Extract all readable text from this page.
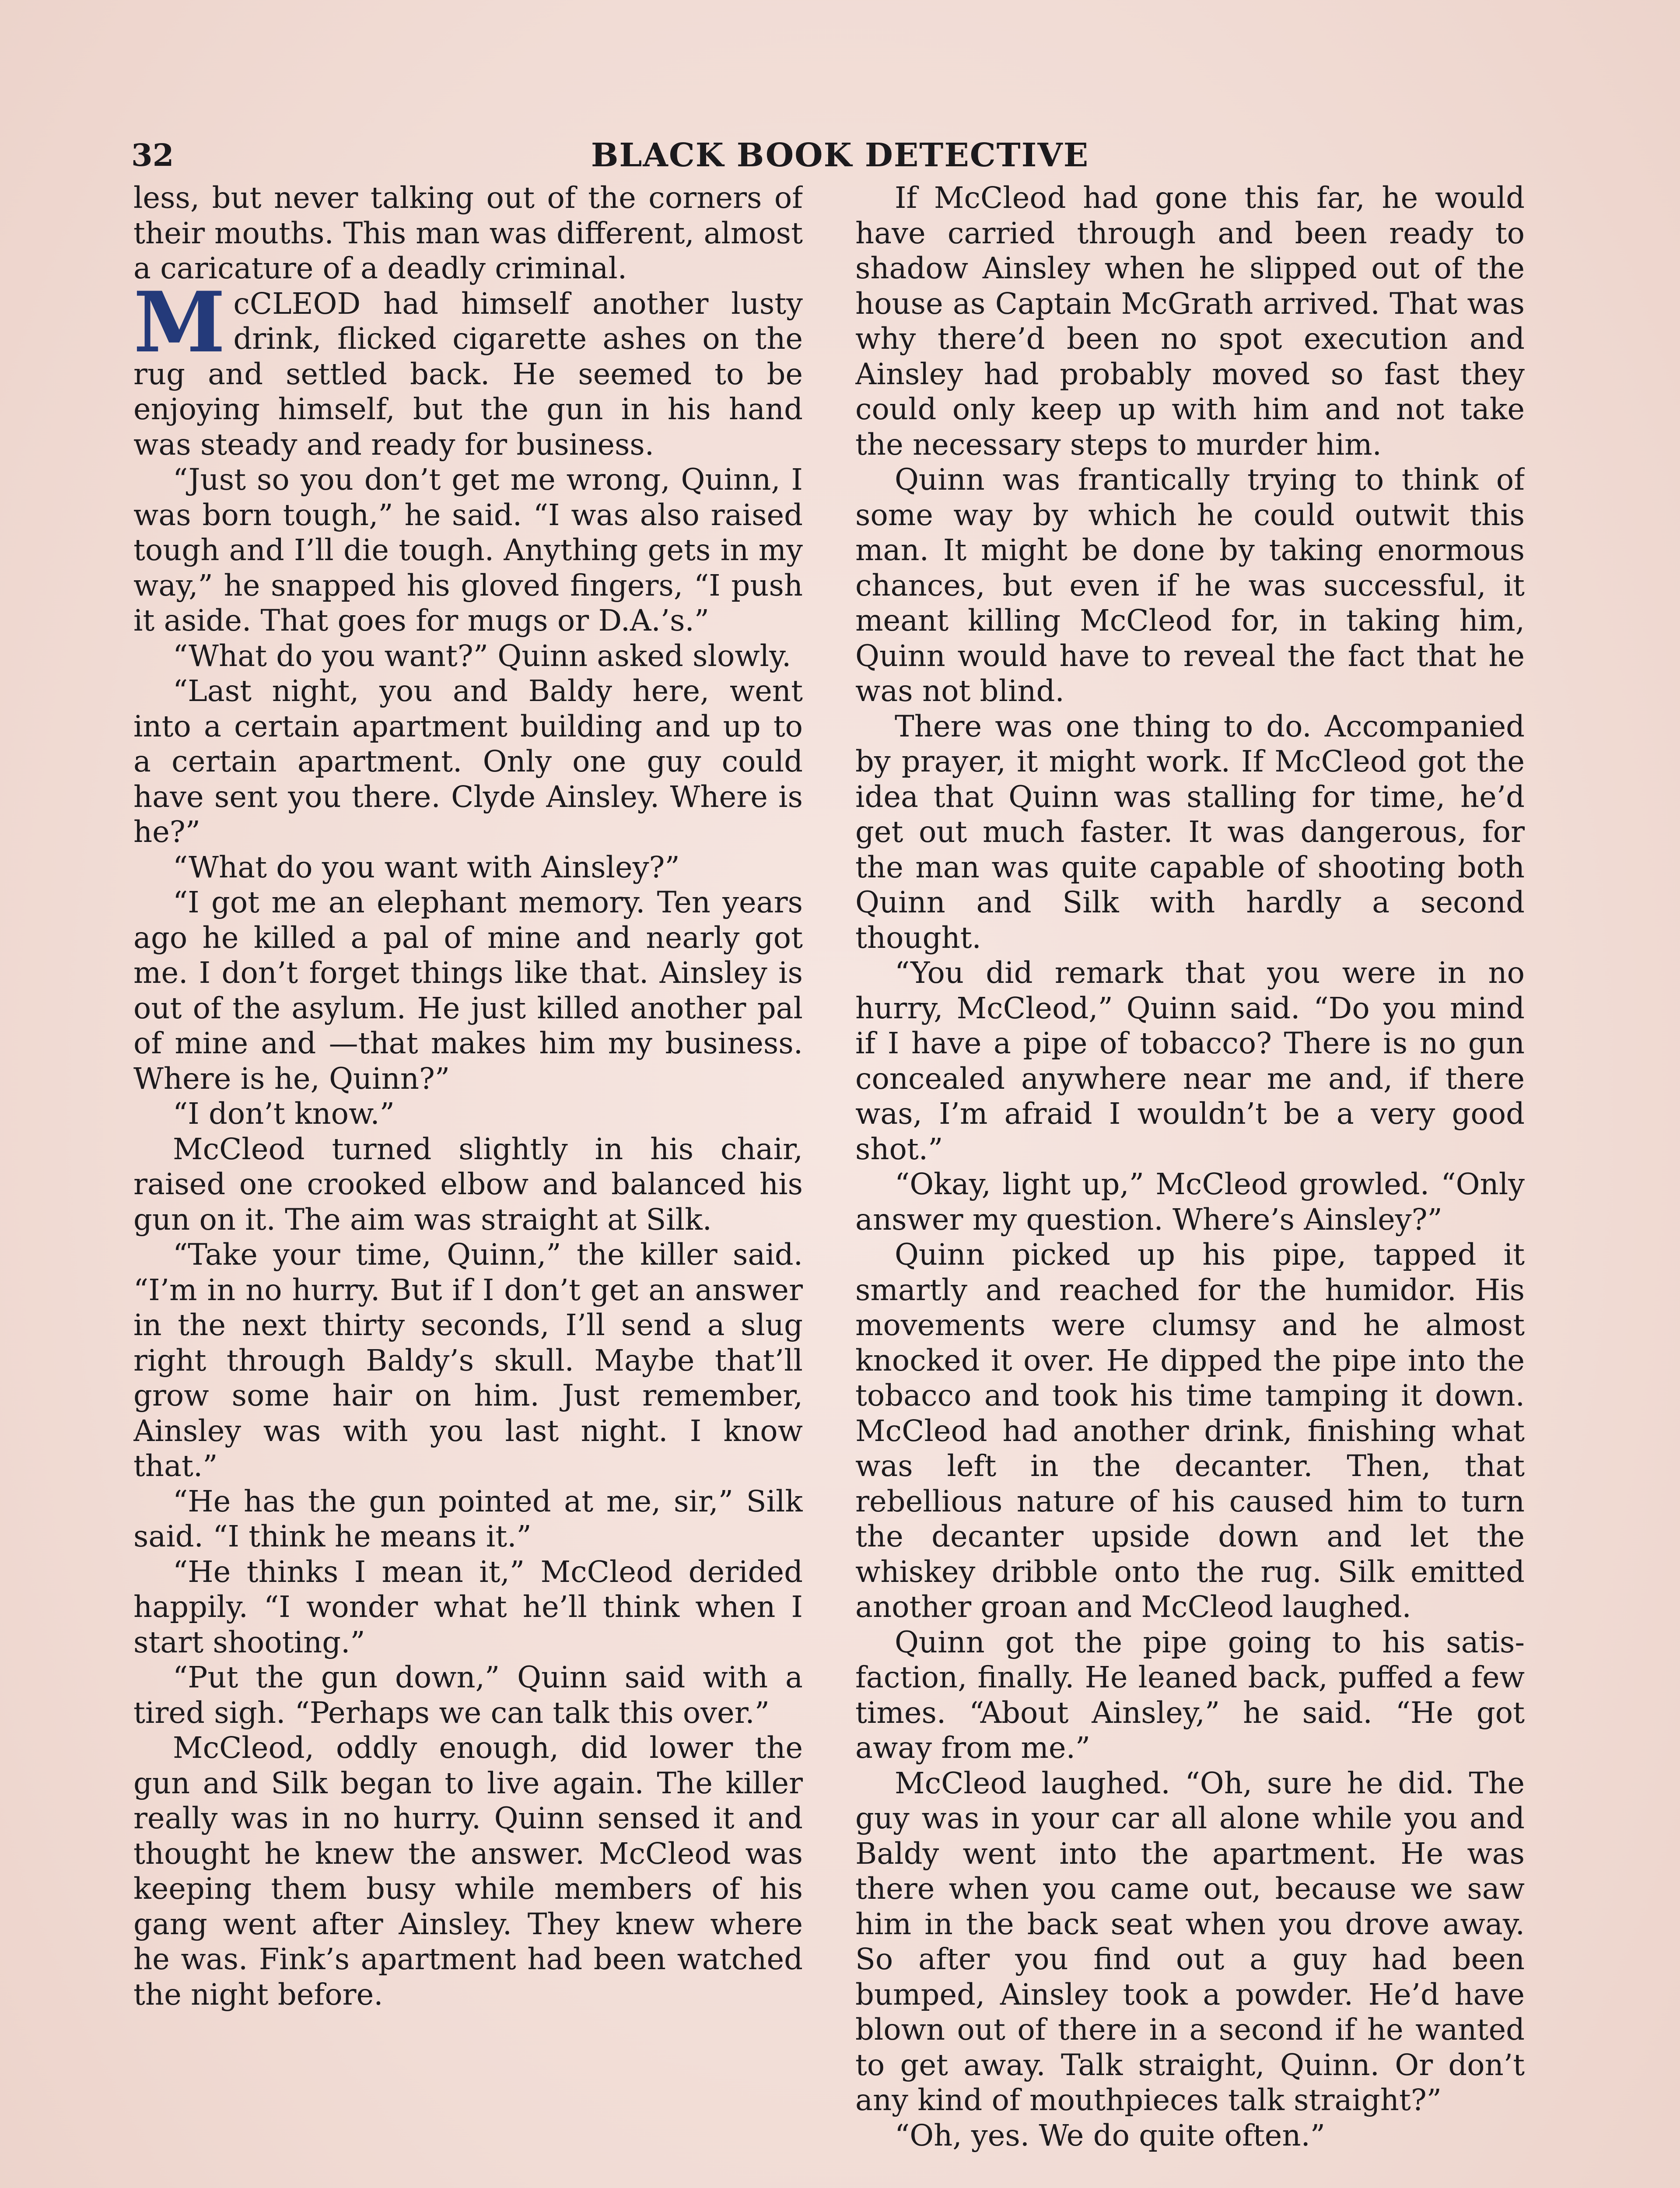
32	BLACK BOOK DETECTIVE

less, but never talking out of the corners of their mouths. This man was different, almost a caricature of a deadly criminal.

M cCLEOD had himself another lusty drink, flicked cigarette ashes on the rug and settled back. He seemed to be enjoying himself, but the gun in his hand was steady and ready for business.

“Just so you don’t get me wrong, Quinn, I was born tough,” he said. “I was also raised tough and I’ll die tough. Anything gets in my way,” he snapped his gloved fingers, “I push it aside. That goes for mugs or D.A.’s.”

“What do you want?” Quinn asked slowly.

“Last night, you and Baldy here, went into a certain apartment building and up to a certain apartment. Only one guy could have sent you there. Clyde Ainsley. Where is he?”

“What do you want with Ainsley?”

“I got me an elephant memory. Ten years ago he killed a pal of mine and nearly got me. I don’t forget things like that. Ainsley is out of the asylum. He just killed another pal of mine and —that makes him my business. Where is he, Quinn?”

“I don’t know.”

McCleod turned slightly in his chair, raised one crooked elbow and balanced his gun on it. The aim was straight at Silk.

“Take your time, Quinn,” the killer said. “I’m in no hurry. But if I don’t get an answer in the next thirty seconds, I’ll send a slug right through Baldy’s skull. Maybe that’ll grow some hair on him. Just remember, Ainsley was with you last night. I know that.”

“He has the gun pointed at me, sir,” Silk said. “I think he means it.”

“He thinks I mean it,” McCleod derided happily. “I wonder what he’ll think when I start shooting.”

“Put the gun down,” Quinn said with a tired sigh. “Perhaps we can talk this over.”

McCleod, oddly enough, did lower the gun and Silk began to live again. The killer really was in no hurry. Quinn sensed it and thought he knew the answer. McCleod was keeping them busy while members of his gang went after Ainsley. They knew where he was. Fink’s apartment had been watched the night before.

If McCleod had gone this far, he would have carried through and been ready to shadow Ainsley when he slipped out of the house as Captain McGrath arrived. That was why there’d been no spot execution and Ainsley had probably moved so fast they could only keep up with him and not take the necessary steps to murder him.

Quinn was frantically trying to think of some way by which he could outwit this man. It might be done by taking enormous chances, but even if he was successful, it meant killing McCleod for, in taking him, Quinn would have to reveal the fact that he was not blind.

There was one thing to do. Accompanied by prayer, it might work. If McCleod got the idea that Quinn was stalling for time, he’d get out much faster. It was dangerous, for the man was quite capable of shooting both Quinn and Silk with hardly a second thought.

“You did remark that you were in no hurry, McCleod,” Quinn said. “Do you mind if I have a pipe of tobacco? There is no gun concealed anywhere near me and, if there was, I’m afraid I wouldn’t be a very good shot.”

“Okay, light up,” McCleod growled. “Only answer my question. Where’s Ainsley?”

Quinn picked up his pipe, tapped it smartly and reached for the humidor. His movements were clumsy and he almost knocked it over. He dipped the pipe into the tobacco and took his time tamping it down. McCleod had another drink, finishing what was left in the decanter. Then, that rebellious nature of his caused him to turn the decanter upside down and let the whiskey dribble onto the rug. Silk emitted another groan and McCleod laughed.

Quinn got the pipe going to his satisfaction, finally. He leaned back, puffed a few times. “About Ainsley,” he said. “He got away from me.”

McCleod laughed. “Oh, sure he did. The guy was in your car all alone while you and Baldy went into the apartment. He was there when you came out, because we saw him in the back seat when you drove away. So after you find out a guy had been bumped, Ainsley took a powder. He’d have blown out of there in a second if he wanted to get away. Talk straight, Quinn. Or don’t any kind of mouthpieces talk straight?”

“Oh, yes. We do quite often.”
